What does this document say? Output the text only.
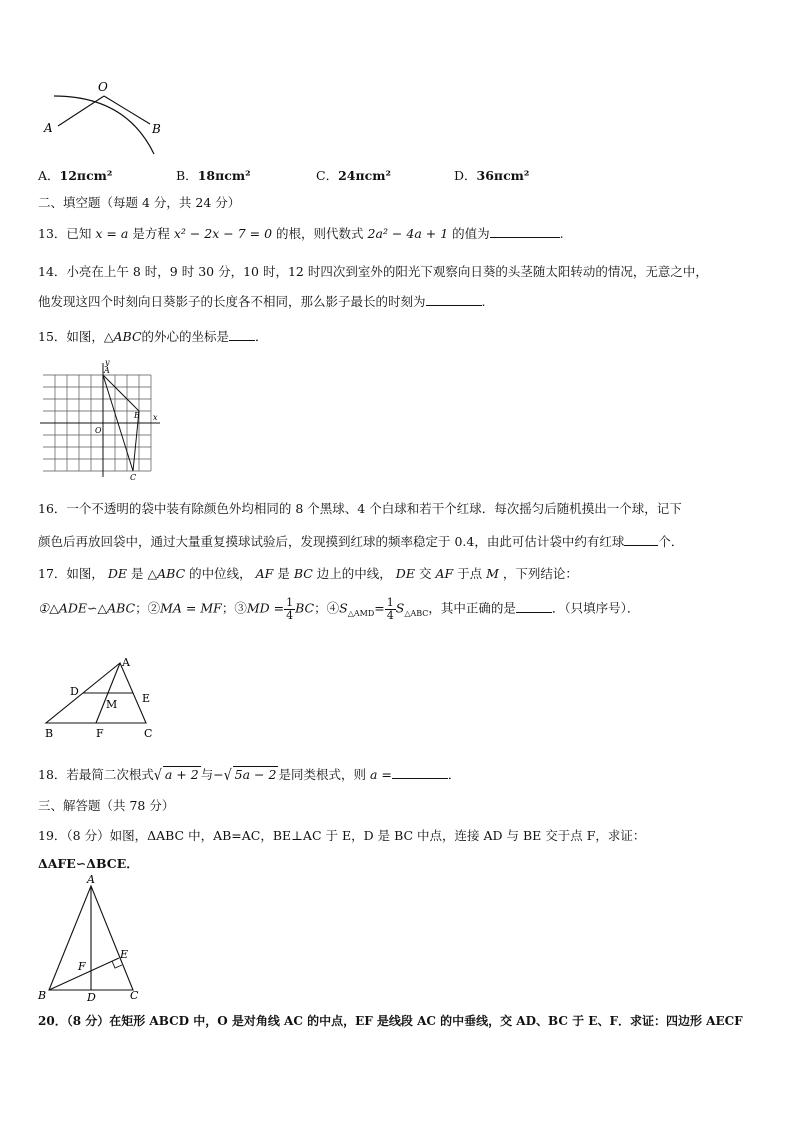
O
A	B
A．12πcm²	B．18πcm²	C．24πcm²	D．36πcm²
二、填空题（每题 4 分，共 24 分）
13．已知 x = a 是方程 x² − 2x − 7 = 0 的根，则代数式 2a² − 4a + 1 的值为	.
14．小亮在上午 8 时，9 时 30 分，10 时，12 时四次到室外的阳光下观察向日葵的头茎随太阳转动的情况，无意之中，
他发现这四个时刻向日葵影子的长度各不相同，那么影子最长的时刻为	.
15．如图，△ABC的外心的坐标是 ．
y
x
A
B
C
O
16．一个不透明的袋中装有除颜色外均相同的 8 个黑球、4 个白球和若干个红球．每次摇匀后随机摸出一个球，记下
颜色后再放回袋中，通过大量重复摸球试验后，发现摸到红球的频率稳定于 0.4，由此可估计袋中约有红球	个．
17．如图， DE 是 △ABC 的中位线， AF 是 BC 边上的中线， DE 交 AF 于点 M ，下列结论：
①△ADE∽△ABC；②MA = MF；③MD = $\frac{1}{4}$ BC；$④S_{\triangle AMD}= \frac{1}{4} S_{\triangle ABC}$，其中正确的是	．（只填序号）．
A
D
E
M
B	F	C
18．若最简二次根式√ a + 2 与−√ 5a − 2 是同类根式，则 a =	．
三、解答题（共 78 分）
19．（8 分）如图，ΔABC 中，AB=AC，BE⊥AC 于 E，D 是 BC 中点，连接 AD 与 BE 交于点 F，求证：
ΔAFE∽ΔBCE．
A
E
F
B	D	C
20．（8 分）在矩形 ABCD 中，O 是对角线 AC 的中点，EF 是线段 AC 的中垂线，交 AD、BC 于 E、F．求证：四边形 AECF
